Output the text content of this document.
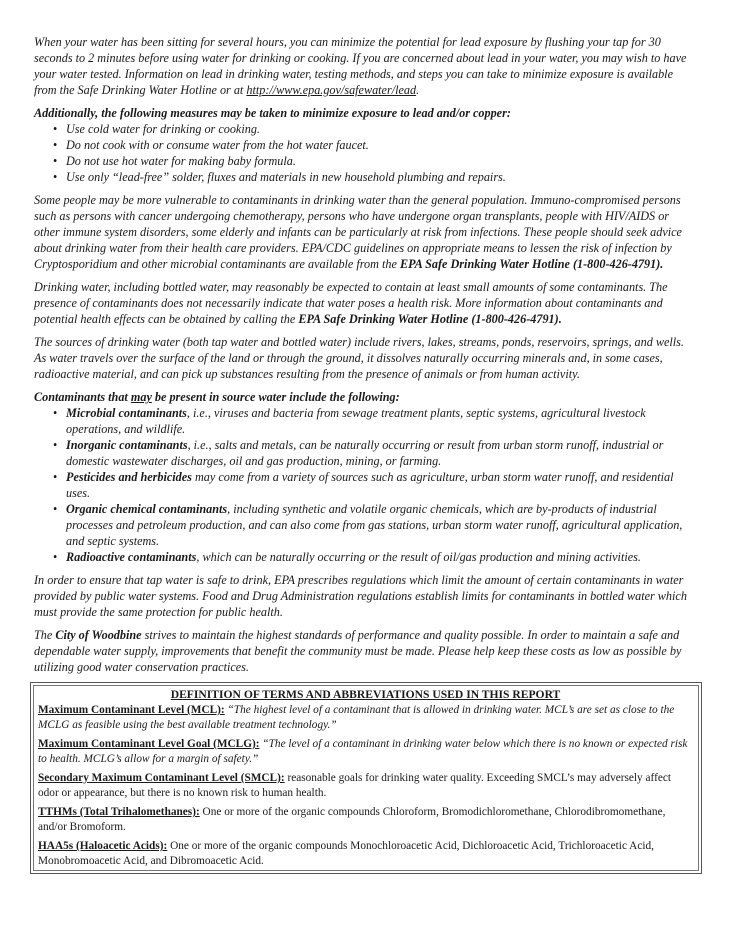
When your water has been sitting for several hours, you can minimize the potential for lead exposure by flushing your tap for 30 seconds to 2 minutes before using water for drinking or cooking. If you are concerned about lead in your water, you may wish to have your water tested. Information on lead in drinking water, testing methods, and steps you can take to minimize exposure is available from the Safe Drinking Water Hotline or at http://www.epa.gov/safewater/lead.

Additionally, the following measures may be taken to minimize exposure to lead and/or copper:

• Use cold water for drinking or cooking.
• Do not cook with or consume water from the hot water faucet.
• Do not use hot water for making baby formula.
• Use only “lead-free” solder, fluxes and materials in new household plumbing and repairs.

Some people may be more vulnerable to contaminants in drinking water than the general population. Immuno-compromised persons such as persons with cancer undergoing chemotherapy, persons who have undergone organ transplants, people with HIV/AIDS or other immune system disorders, some elderly and infants can be particularly at risk from infections. These people should seek advice about drinking water from their health care providers. EPA/CDC guidelines on appropriate means to lessen the risk of infection by Cryptosporidium and other microbial contaminants are available from the EPA Safe Drinking Water Hotline (1-800-426-4791).

Drinking water, including bottled water, may reasonably be expected to contain at least small amounts of some contaminants. The presence of contaminants does not necessarily indicate that water poses a health risk. More information about contaminants and potential health effects can be obtained by calling the EPA Safe Drinking Water Hotline (1-800-426-4791).

The sources of drinking water (both tap water and bottled water) include rivers, lakes, streams, ponds, reservoirs, springs, and wells. As water travels over the surface of the land or through the ground, it dissolves naturally occurring minerals and, in some cases, radioactive material, and can pick up substances resulting from the presence of animals or from human activity.

Contaminants that may be present in source water include the following:

• Microbial contaminants, i.e., viruses and bacteria from sewage treatment plants, septic systems, agricultural livestock operations, and wildlife.
• Inorganic contaminants, i.e., salts and metals, can be naturally occurring or result from urban storm runoff, industrial or domestic wastewater discharges, oil and gas production, mining, or farming.
• Pesticides and herbicides may come from a variety of sources such as agriculture, urban storm water runoff, and residential uses.
• Organic chemical contaminants, including synthetic and volatile organic chemicals, which are by-products of industrial processes and petroleum production, and can also come from gas stations, urban storm water runoff, agricultural application, and septic systems.
• Radioactive contaminants, which can be naturally occurring or the result of oil/gas production and mining activities.

In order to ensure that tap water is safe to drink, EPA prescribes regulations which limit the amount of certain contaminants in water provided by public water systems. Food and Drug Administration regulations establish limits for contaminants in bottled water which must provide the same protection for public health.

The City of Woodbine strives to maintain the highest standards of performance and quality possible. In order to maintain a safe and dependable water supply, improvements that benefit the community must be made. Please help keep these costs as low as possible by utilizing good water conservation practices.

DEFINITION OF TERMS AND ABBREVIATIONS USED IN THIS REPORT
Maximum Contaminant Level (MCL): “The highest level of a contaminant that is allowed in drinking water. MCL’s are set as close to the MCLG as feasible using the best available treatment technology.”
Maximum Contaminant Level Goal (MCLG): “The level of a contaminant in drinking water below which there is no known or expected risk to health. MCLG’s allow for a margin of safety.”
Secondary Maximum Contaminant Level (SMCL): reasonable goals for drinking water quality. Exceeding SMCL’s may adversely affect odor or appearance, but there is no known risk to human health.
TTHMs (Total Trihalomethanes): One or more of the organic compounds Chloroform, Bromodichloromethane, Chlorodibromomethane, and/or Bromoform.
HAA5s (Haloacetic Acids): One or more of the organic compounds Monochloroacetic Acid, Dichloroacetic Acid, Trichloroacetic Acid, Monobromoacetic Acid, and Dibromoacetic Acid.
